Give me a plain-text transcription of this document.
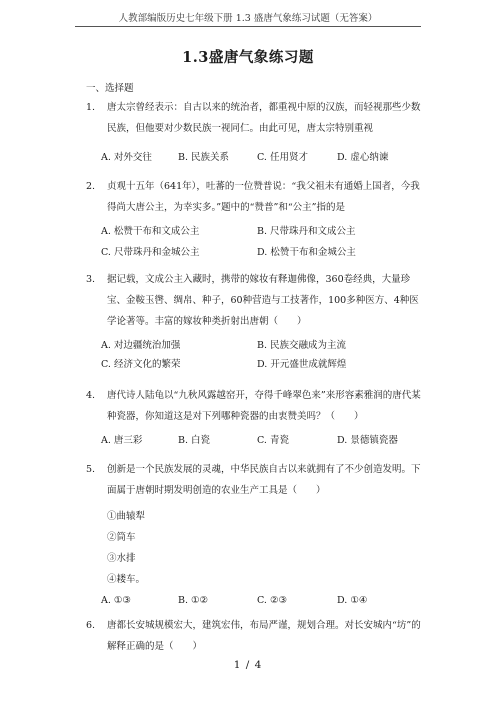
人教部编版历史七年级下册 1.3 盛唐气象练习试题（无答案）
1.3盛唐气象练习题
一、选择题
1. 唐太宗曾经表示：自古以来的统治者，都重视中原的汉族，而轻视那些少数民族，但他要对少数民族一视同仁。由此可见，唐太宗特别重视
A. 对外交往	B. 民族关系	C. 任用贤才	D. 虚心纳谏
2. 贞观十五年（641年），吐蕃的一位赞普说：“我父祖未有通婚上国者，今我得尚大唐公主，为幸实多。”题中的“赞普”和“公主”指的是
A. 松赞干布和文成公主	B. 尺带珠丹和文成公主
C. 尺带珠丹和金城公主	D. 松赞干布和金城公主
3. 据记载，文成公主入藏时，携带的嫁妆有释迦佛像，360卷经典，大量珍宝、金鞍玉辔、绸帛、种子，60种营造与工技著作，100多种医方、4种医学论著等。丰富的嫁妆种类折射出唐朝（　　）
A. 对边疆统治加强	B. 民族交融成为主流
C. 经济文化的繁荣	D. 开元盛世成就辉煌
4. 唐代诗人陆龟以“九秋风露越窑开，夺得千峰翠色来”来形容素雅润的唐代某种瓷器，你知道这是对下列哪种瓷器的由衷赞美吗？（　　）
A. 唐三彩	B. 白瓷	C. 青瓷	D. 景德镇瓷器
5. 创新是一个民族发展的灵魂，中华民族自古以来就拥有了不少创造发明。下面属于唐朝时期发明创造的农业生产工具是（　　）
①曲辕犁
②筒车
③水排
④耧车。
A. ①③	B. ①②	C. ②③	D. ①④
6. 唐都长安城规模宏大，建筑宏伟，布局严谨，规划合理。对长安城内“坊”的解释正确的是（　　）
1 / 4
